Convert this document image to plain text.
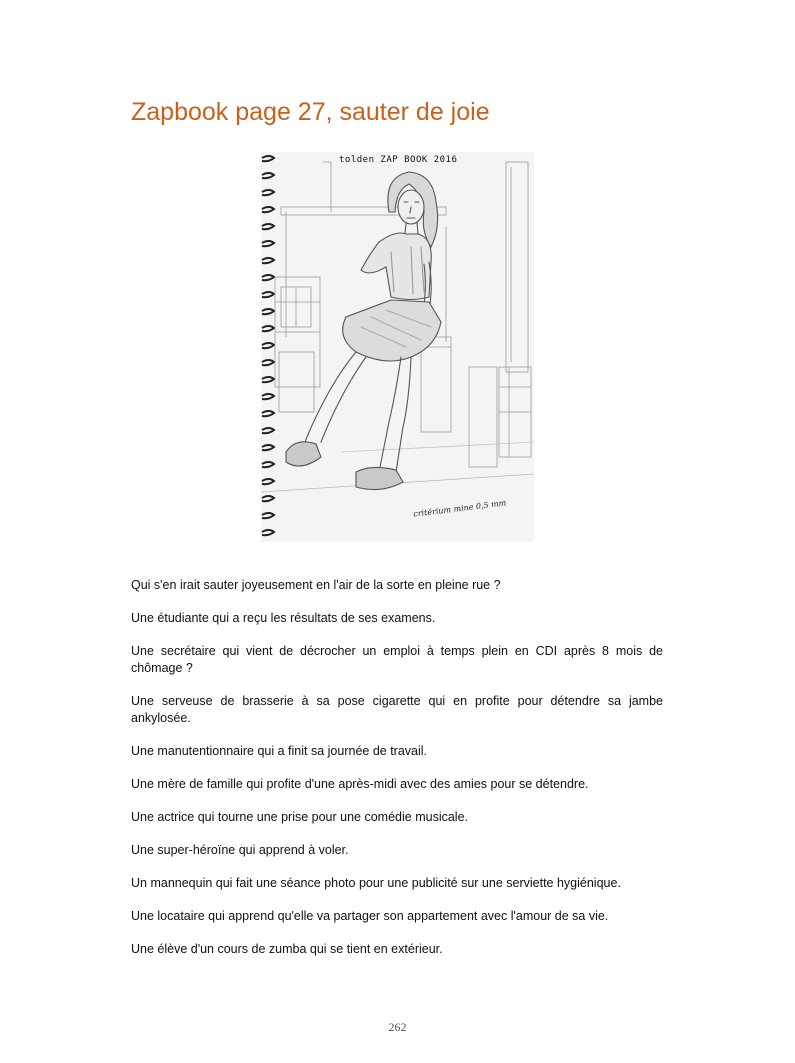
Zapbook page 27, sauter de joie
tolden ZAP BOOK 2016
critérium mine 0,5 mm

Qui s'en irait sauter joyeusement en l'air de la sorte en pleine rue ?

Une étudiante qui a reçu les résultats de ses examens.

Une secrétaire qui vient de décrocher un emploi à temps plein en CDI après 8 mois de chômage ?

Une serveuse de brasserie à sa pose cigarette qui en profite pour détendre sa jambe ankylosée.

Une manutentionnaire qui a finit sa journée de travail.

Une mère de famille qui profite d'une après-midi avec des amies pour se détendre.

Une actrice qui tourne une prise pour une comédie musicale.

Une super-héroïne qui apprend à voler.

Un mannequin qui fait une séance photo pour une publicité sur une serviette hygiénique.

Une locataire qui apprend qu'elle va partager son appartement avec l'amour de sa vie.

Une élève d'un cours de zumba qui se tient en extérieur.

262
